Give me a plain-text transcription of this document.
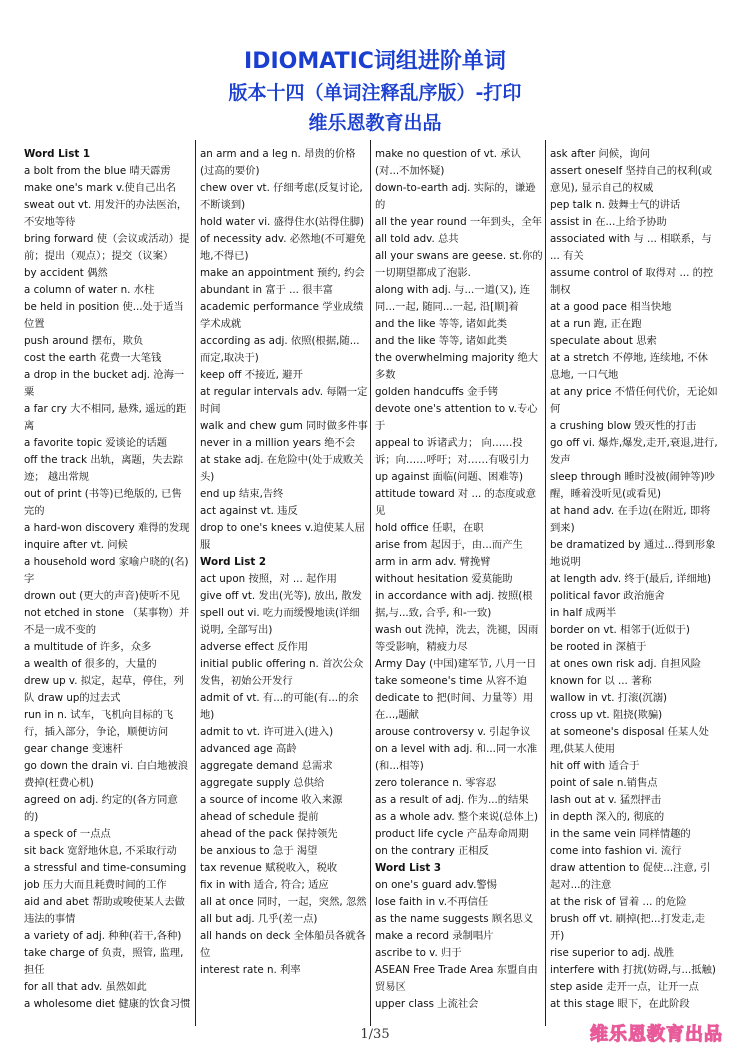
IDIOMATIC词组进阶单词
版本十四（单词注释乱序版）-打印
维乐恩教育出品
Word List 1
a bolt from the blue 晴天霹雳
make one's mark v.使自己出名
sweat out vt. 用发汗的办法医治，不安地等待
bring forward 使（会议或活动）提前；提出（观点）；提交（议案）
by accident 偶然
a column of water n. 水柱
be held in position 使...处于适当位置
push around 摆布，欺负
cost the earth 花费一大笔钱
a drop in the bucket adj. 沧海一粟
a far cry 大不相同, 悬殊, 遥远的距离
a favorite topic 爱谈论的话题
off the track 出轨，离题，失去踪迹； 越出常规
out of print (书等)已绝版的, 已售完的
a hard-won discovery 难得的发现
inquire after vt. 问候
a household word 家喻户晓的(名)字
drown out (更大的声音)使听不见
not etched in stone （某事物）并不是一成不变的
a multitude of 许多，众多
a wealth of 很多的，大量的
drew up v. 拟定，起草，停住，列队 draw up的过去式
run in n. 试车，飞机向目标的飞行，插入部分，争论，顺便访问
gear change 变速杆
go down the drain vi. 白白地被浪费掉(枉费心机)
agreed on adj. 约定的(各方同意的)
a speck of 一点点
sit back 宽舒地休息, 不采取行动
a stressful and time-consuming job 压力大而且耗费时间的工作
aid and abet 帮助或唆使某人去做违法的事情
a variety of adj. 种种(若干,各种)
take charge of 负责，照管, 监理, 担任
for all that adv. 虽然如此
a wholesome diet 健康的饮食习惯
an arm and a leg n. 昂贵的价格(过高的要价)
chew over vt. 仔细考虑(反复讨论,不断谈到)
hold water vi. 盛得住水(站得住脚)
of necessity adv. 必然地(不可避免地,不得已)
make an appointment 预约, 约会
abundant in 富于 ... 很丰富
academic performance 学业成绩 学术成就
according as adj. 依照(根据,随...而定,取决于)
keep off 不接近, 避开
at regular intervals adv. 每隔一定时间
walk and chew gum 同时做多件事
never in a million years 绝不会
at stake adj. 在危险中(处于成败关头)
end up 结束,告终
act against vt. 违反
drop to one's knees v.迫使某人屈服
Word List 2
act upon 按照，对 ... 起作用
give off vt. 发出(光等), 放出, 散发
spell out vi. 吃力而缓慢地读(详细说明, 全部写出)
adverse effect 反作用
initial public offering n. 首次公众发售，初始公开发行
admit of vt. 有...的可能(有...的余地)
admit to vt. 许可进入(进入)
advanced age 高龄
aggregate demand 总需求
aggregate supply 总供给
a source of income 收入来源
ahead of schedule 提前
ahead of the pack 保持领先
be anxious to 急于 渴望
tax revenue 赋税收入，税收
fix in with 适合, 符合; 适应
all at once 同时，一起，突然, 忽然
all but adj. 几乎(差一点)
all hands on deck 全体船员各就各位
interest rate n. 利率
make no question of vt. 承认(对...不加怀疑)
down-to-earth adj. 实际的，谦逊的
all the year round 一年到头，全年
all told adv. 总共
all your swans are geese. st.你的一切期望都成了泡影.
along with adj. 与...一道(又), 连同...一起, 随同...一起, 沿[顺]着
and the like 等等, 诸如此类
and the like 等等, 诸如此类
the overwhelming majority 绝大多数
golden handcuffs 金手铐
devote one's attention to v.专心于
appeal to 诉诸武力； 向……投诉；向……呼吁；对……有吸引力
up against 面临(问题、困难等)
attitude toward 对 ... 的态度或意见
hold office 任职，在职
arise from 起因于，由...而产生
arm in arm adv. 臂挽臂
without hesitation 爱莫能助
in accordance with adj. 按照(根据,与...致, 合乎, 和-一致)
wash out 洗掉，洗去，洗褪，因雨等受影响，精疲力尽
Army Day (中国)建军节, 八月一日
take someone's time 从容不迫
dedicate to 把(时间、力量等）用在...,题献
arouse controversy v. 引起争议
on a level with adj. 和...同一水准(和...相等)
zero tolerance n. 零容忍
as a result of adj. 作为...的结果
as a whole adv. 整个来说(总体上)
product life cycle 产品寿命周期
on the contrary 正相反
Word List 3
on one's guard adv.警惕
lose faith in v.不再信任
as the name suggests 顾名思义
make a record 录制唱片
ascribe to v. 归于
ASEAN Free Trade Area 东盟自由贸易区
upper class 上流社会
ask after 问候，询问
assert oneself 坚持自己的权利(或意见), 显示自己的权威
pep talk n. 鼓舞士气的讲话
assist in 在...上给予协助
associated with 与 ... 相联系，与 ... 有关
assume control of 取得对 ... 的控制权
at a good pace 相当快地
at a run 跑, 正在跑
speculate about 思索
at a stretch 不停地, 连续地, 不休息地, 一口气地
at any price 不惜任何代价，无论如何
a crushing blow 毁灭性的打击
go off vi. 爆炸,爆发,走开,衰退,进行,发声
sleep through 睡时没被(闹钟等)吵醒，睡着没听见(或看见)
at hand adv. 在手边(在附近, 即将到来)
be dramatized by 通过...得到形象地说明
at length adv. 终于(最后, 详细地)
political favor 政治施舍
in half 成两半
border on vt. 相邻于(近似于)
be rooted in 深植于
at ones own risk adj. 自担风险
known for 以 ... 著称
wallow in vt. 打滚(沉溺)
cross up vt. 阻挠(欺骗)
at someone's disposal 任某人处理,供某人使用
hit off with 适合于
point of sale n.销售点
lash out at v. 猛烈抨击
in depth 深入的, 彻底的
in the same vein 同样情趣的
come into fashion vi. 流行
draw attention to 促使...注意, 引起对...的注意
at the risk of 冒着 ... 的危险
brush off vt. 刷掉(把...打发走,走开)
rise superior to adj. 战胜
interfere with 打扰(妨碍,与...抵触)
step aside 走开一点，让开一点
at this stage 眼下，在此阶段
1/35	维乐恩教育出品
